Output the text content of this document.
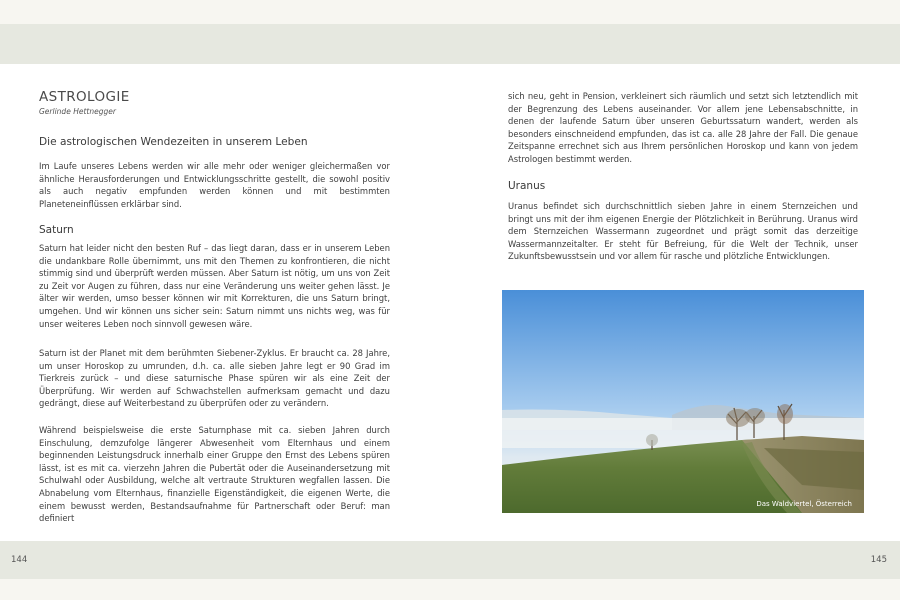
ASTROLOGIE
Gerlinde Hettnegger
Die astrologischen Wendezeiten in unserem Leben

Im Laufe unseres Lebens werden wir alle mehr oder weniger gleichermaßen vor ähnliche Herausforderungen und Entwicklungsschritte gestellt, die sowohl positiv als auch negativ empfunden werden können und mit bestimmten Planeteneinflüssen erklärbar sind.

Saturn

Saturn hat leider nicht den besten Ruf – das liegt daran, dass er in unserem Leben die undankbare Rolle übernimmt, uns mit den Themen zu konfrontieren, die nicht stimmig sind und überprüft werden müssen. Aber Saturn ist nötig, um uns von Zeit zu Zeit vor Augen zu führen, dass nur eine Veränderung uns weiter gehen lässt. Je älter wir werden, umso besser können wir mit Korrekturen, die uns Saturn bringt, umgehen. Und wir können uns sicher sein: Saturn nimmt uns nichts weg, was für unser weiteres Leben noch sinnvoll gewesen wäre.

Saturn ist der Planet mit dem berühmten Siebener-Zyklus. Er braucht ca. 28 Jahre, um unser Horoskop zu umrunden, d.h. ca. alle sieben Jahre legt er 90 Grad im Tierkreis zurück – und diese saturnische Phase spüren wir als eine Zeit der Überprüfung. Wir werden auf Schwachstellen aufmerksam gemacht und dazu gedrängt, diese auf Weiterbestand zu überprüfen oder zu verändern.

Während beispielsweise die erste Saturnphase mit ca. sieben Jahren durch Einschulung, demzufolge längerer Abwesenheit vom Elternhaus und einem beginnenden Leistungsdruck innerhalb einer Gruppe den Ernst des Lebens spüren lässt, ist es mit ca. vierzehn Jahren die Pubertät oder die Auseinandersetzung mit Schulwahl oder Ausbildung, welche alt vertraute Strukturen wegfallen lassen. Die Abnabelung vom Elternhaus, finanzielle Eigenständigkeit, die eigenen Werte, die einem bewusst werden, Bestandsaufnahme für Partnerschaft oder Beruf: man definiert

sich neu, geht in Pension, verkleinert sich räumlich und setzt sich letztendlich mit der Begrenzung des Lebens auseinander. Vor allem jene Lebensabschnitte, in denen der laufende Saturn über unseren Geburtssaturn wandert, werden als besonders einschneidend empfunden, das ist ca. alle 28 Jahre der Fall. Die genaue Zeitspanne errechnet sich aus Ihrem persönlichen Horoskop und kann von jedem Astrologen bestimmt werden.

Uranus

Uranus befindet sich durchschnittlich sieben Jahre in einem Sternzeichen und bringt uns mit der ihm eigenen Energie der Plötzlichkeit in Berührung. Uranus wird dem Sternzeichen Wassermann zugeordnet und prägt somit das derzeitige Wassermannzeitalter. Er steht für Befreiung, für die Welt der Technik, unser Zukunftsbewusstsein und vor allem für rasche und plötzliche Entwicklungen.

Das Waldviertel, Österreich
144	145
